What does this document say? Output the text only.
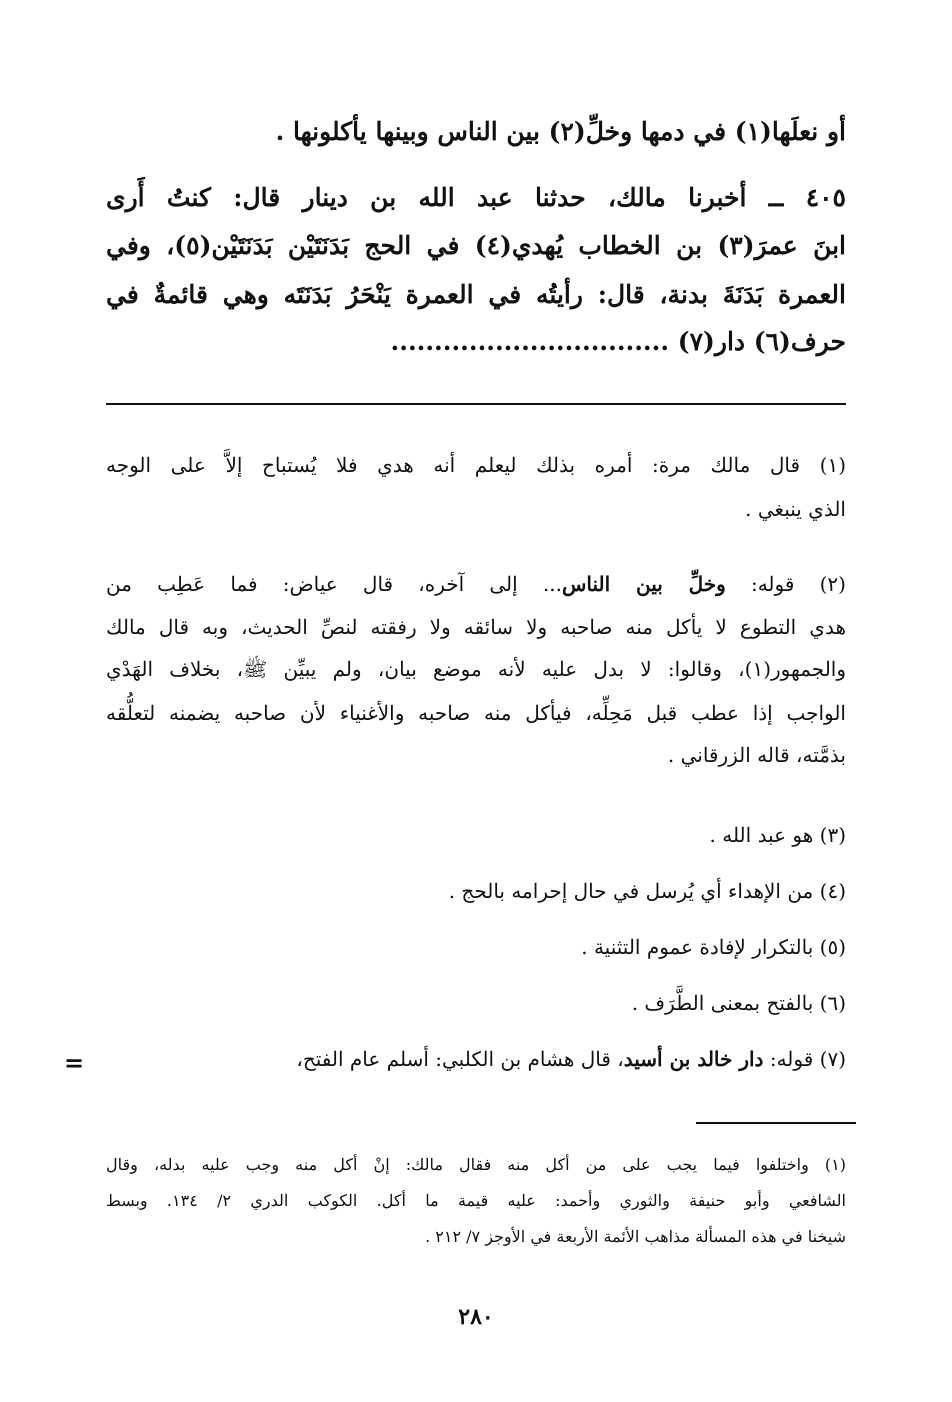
أو نعلَها(١) في دمها وخلِّ(٢) بين الناس وبينها يأكلونها .
٤٠٥ ــ أخبرنا مالك، حدثنا عبد الله بن دينار قال: كنتُ أَرى
ابنَ عمرَ(٣) بن الخطاب يُهدي(٤) في الحج بَدَنَتَيْن بَدَنَتَيْن(٥)، وفي
العمرة بَدَنَةَ بدنة، قال: رأيتُه في العمرة يَنْحَرُ بَدَنَتَه وهي قائمةٌ في
حرف(٦) دار(٧) ................................
(١) قال مالك مرة: أمره بذلك ليعلم أنه هدي فلا يُستباح إلاَّ على الوجه
الذي ينبغي .
(٢) قوله: وخلِّ بين الناس... إلى آخره، قال عياض: فما عَطِب من
هدي التطوع لا يأكل منه صاحبه ولا سائقه ولا رفقته لنصِّ الحديث، وبه قال مالك
والجمهور(١)، وقالوا: لا بدل عليه لأنه موضع بيان، ولم يبيِّن ﷺ، بخلاف الهَدْي
الواجب إذا عطب قبل مَحِلِّه، فيأكل منه صاحبه والأغنياء لأن صاحبه يضمنه لتعلُّقه
بذمَّته، قاله الزرقاني .
(٣) هو عبد الله .
(٤) من الإهداء أي يُرسل في حال إحرامه بالحج .
(٥) بالتكرار لإفادة عموم التثنية .
(٦) بالفتح بمعنى الطَّرَف .
(٧) قوله: دار خالد بن أسيد، قال هشام بن الكلبي: أسلم عام الفتح،
=
(١) واختلفوا فيما يجب على من أكل منه فقال مالك: إنْ أكل منه وجب عليه بدله، وقال
الشافعي وأبو حنيفة والثوري وأحمد: عليه قيمة ما أكل. الكوكب الدري ٢/ ١٣٤. وبسط
شيخنا في هذه المسألة مذاهب الأئمة الأربعة في الأوجز ٧/ ٢١٢ .
٢٨٠
